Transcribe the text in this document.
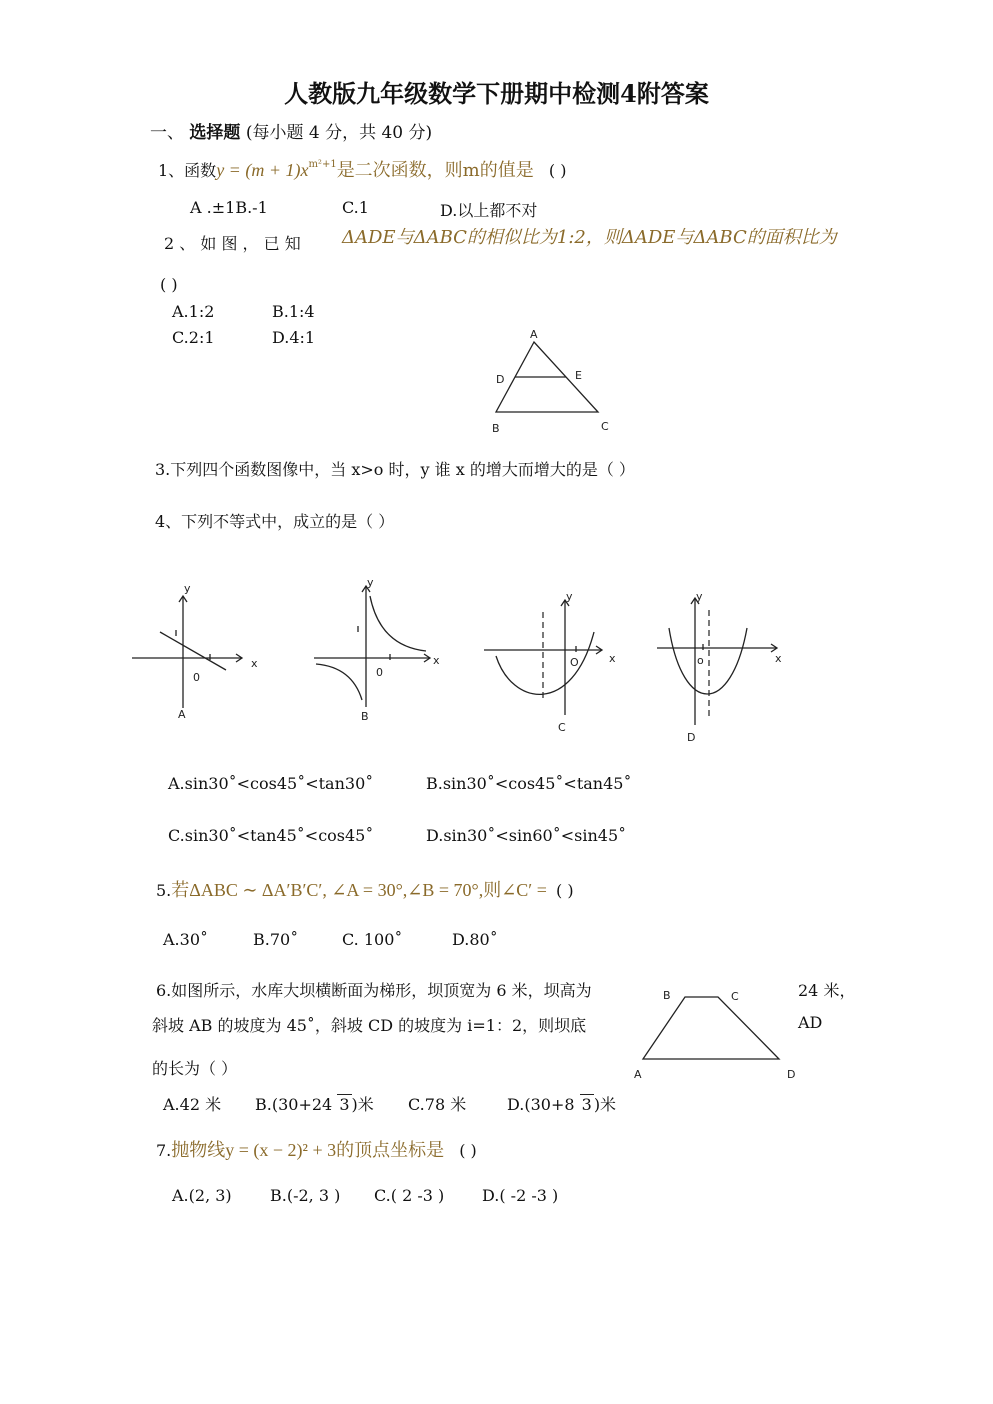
人教版九年级数学下册期中检测4附答案
一、 选择题 (每小题 4 分，共 40 分)
1、函数$y = (m + 1)x^{m^2+1}$是二次函数，则m的值是 ( )
A .±1B.-1	C.1	D.以上都不对
2 、 如 图 ， 已 知 ΔADE与ΔABC的相似比为1:2，则ΔADE与ΔABC的面积比为
( )
A.1:2	B.1:4
C.2:1	D.4:1	A
D	E
B	C
3.下列四个函数图像中，当 x>o 时，y 谁 x 的增大而增大的是（ ）
4、下列不等式中，成立的是（ ）
y
x
0
A
y
x
0
B
y
x
O
C
y
x
o
D
A.sin30˚<cos45˚<tan30˚	B.sin30˚<cos45˚<tan45˚
C.sin30˚<tan45˚<cos45˚	D.sin30˚<sin60˚<sin45˚
5.若ΔABC ∼ ΔA′B′C′, ∠A = 30°,∠B = 70°,则∠C′ = ( )
A.30˚	B.70˚	C. 100˚	D.80˚
6.如图所示，水库大坝横断面为梯形，坝顶宽为 6 米，坝高为	24 米，
斜坡 AB 的坡度为 45˚，斜坡 CD 的坡度为 i=1：2，则坝底	AD
的长为（ ）
B	C
A	D
A.42 米 B.(30+24 3 )米 C.78 米	D.(30+8 3 )米
7.抛物线y = (x − 2)² + 3的顶点坐标是 ( )
A.(2, 3) B.(-2, 3 ) C.( 2 -3 ) D.( -2 -3 )
